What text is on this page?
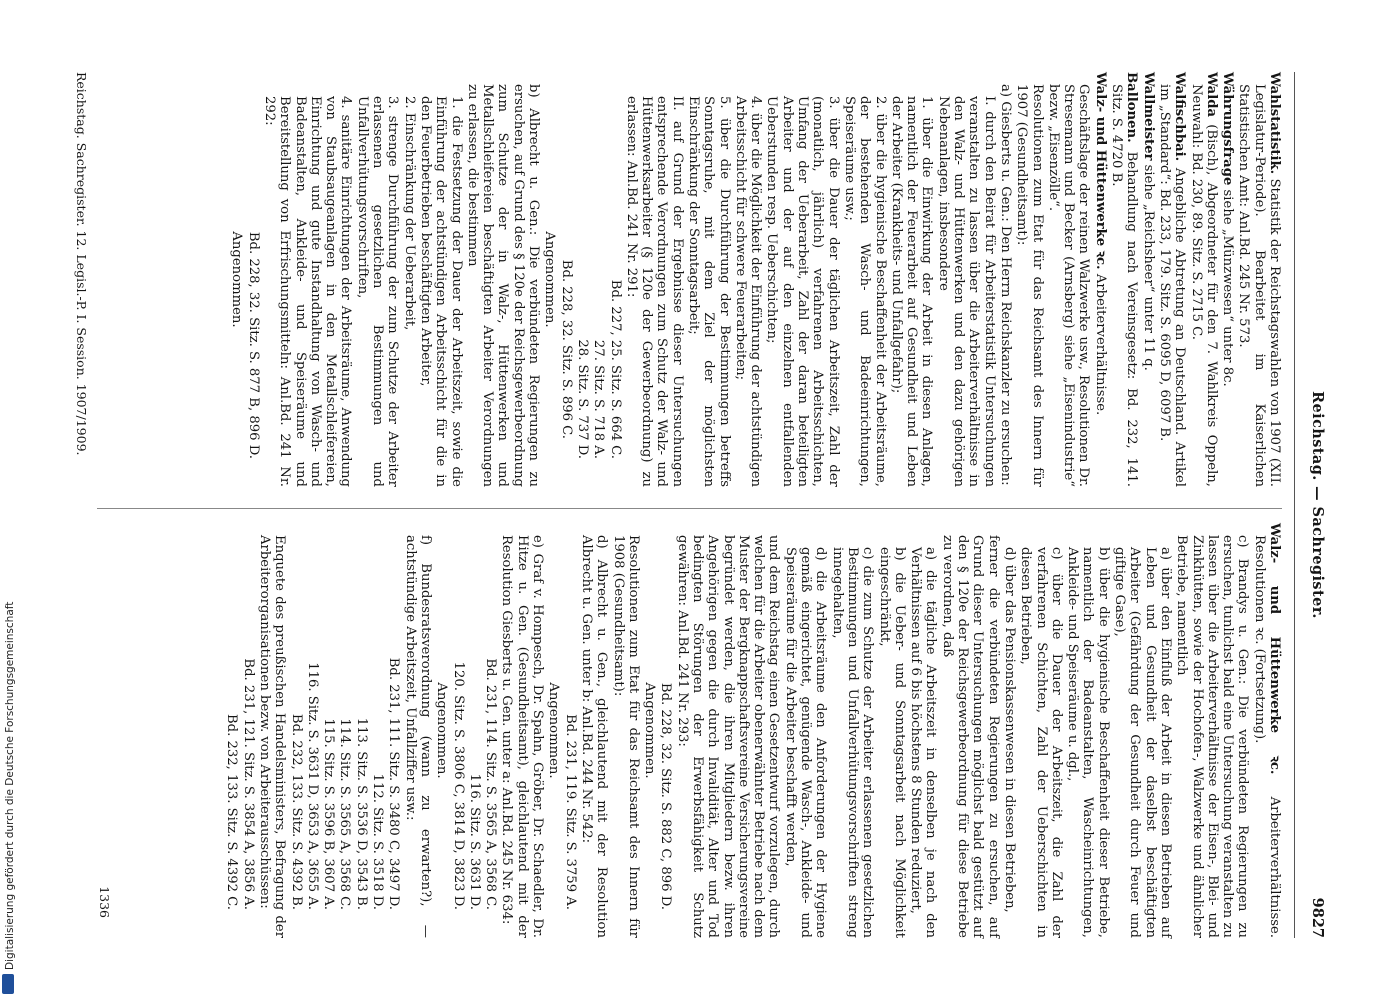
Reichstag. — Sachregister.
9827

Wahlstatistik. Statistik der Reichstagswahlen von 1907 (XII. Legislatur-Periode). Bearbeitet im Kaiserlichen Statistischen Amt: Anl.Bd. 245 Nr. 573.

Währungsfrage siehe „Münzwesen“ unter 8c.

Walda (Bisch), Abgeordneter für den 7. Wahlkreis Oppeln, Neuwahl: Bd. 230, 89. Sitz. S. 2715 C.

Walfischbai. Angebliche Abtretung an Deutschland. Artikel im „Standard“: Bd. 233, 179. Sitz. S. 6095 D, 6097 B.

Wallmeister siehe „Reichsheer“ unter 11 q.

Ballonen. Behandlung nach Vereinsgesetz: Bd. 232, 141. Sitz. S. 4720 B.

Walz- und Hüttenwerke ꝛc. Arbeiterverhältnisse.

Geschäftslage der reinen Walzwerke usw., Resolutionen Dr. Stresemann und Becker (Arnsberg) siehe „Eisenindustrie“ bezw. „Eisenzölle“.

Resolutionen zum Etat für das Reichsamt des Innern für 1907 (Gesundheitsamt):

a) Giesberts u. Gen.: Den Herrn Reichskanzler zu ersuchen:

I. durch den Beirat für Arbeiterstatistik Untersuchungen veranstalten zu lassen über die Arbeiterverhältnisse in den Walz- und Hüttenwerken und den dazu gehörigen Nebenanlagen, insbesondere

1. über die Einwirkung der Arbeit in diesen Anlagen, namentlich der Feuerarbeit auf Gesundheit und Leben der Arbeiter (Krankheits- und Unfallgefahr);

2. über die hygienische Beschaffenheit der Arbeitsräume, der bestehenden Wasch- und Badeeinrichtungen, Speiseräume usw.;

3. über die Dauer der täglichen Arbeitszeit, Zahl der (monatlich, jährlich) verfahrenen Arbeitsschichten, Umfang der Ueberarbeit, Zahl der daran beteiligten Arbeiter und der auf den einzelnen entfallenden Ueberstunden resp. Ueberschichten;

4. über die Möglichkeit der Einführung der achtstündigen Arbeitsschicht für schwere Feuerarbeiten;

5. über die Durchführung der Bestimmungen betreffs Sonntagsruhe, mit dem Ziel der möglichsten Einschränkung der Sonntagsarbeit;

II. auf Grund der Ergebnisse dieser Untersuchungen entsprechende Verordnungen zum Schutz der Walz- und Hüttenwerksarbeiter (§ 120e der Gewerbeordnung) zu erlassen: Anl.Bd. 241 Nr. 291:

Bd. 227, 25. Sitz. S. 664 C.

27. Sitz. S. 718 A.

28. Sitz. S. 737 D.

Bd. 228, 32. Sitz. S. 896 C.

Angenommen.

b) Albrecht u. Gen.: Die verbündeten Regierungen zu ersuchen, auf Grund des § 120e der Reichsgewerbeordnung zum Schutze der in Walz-, Hüttenwerken und Metallschleifereien beschäftigten Arbeiter Verordnungen zu erlassen, die bestimmen

1. die Festsetzung der Dauer der Arbeitszeit, sowie die Einführung der achtstündigen Arbeitsschicht für die in den Feuerbetrieben beschäftigten Arbeiter,

2. Einschränkung der Ueberarbeit,

3. strenge Durchführung der zum Schutze der Arbeiter erlassenen gesetzlichen Bestimmungen und Unfallverhütungsvorschriften,

4. sanitäre Einrichtungen der Arbeitsräume, Anwendung von Staubsaugeanlagen in den Metallschleifereien, Einrichtung und gute Instandhaltung von Wasch- und Badeanstalten, Ankleide- und Speiseräume und Bereitstellung von Erfrischungsmitteln: Anl.Bd. 241 Nr. 292:

Bd. 228, 32. Sitz. S. 877 B, 896 D.

Angenommen.

Walz- und Hüttenwerke ꝛc. Arbeiterverhältnisse. Resolutionen ꝛc. (Fortsetzung).

c) Brandys u. Gen.: Die verbündeten Regierungen zu ersuchen, tunlichst bald eine Untersuchung veranstalten zu lassen über die Arbeiterverhältnisse der Eisen-, Blei- und Zinkhütten, sowie der Hochofen-, Walzwerke und ähnlicher Betriebe, namentlich

a) über den Einfluß der Arbeit in diesen Betrieben auf Leben und Gesundheit der daselbst beschäftigten Arbeiter (Gefährdung der Gesundheit durch Feuer und giftige Gase),

b) über die hygienische Beschaffenheit dieser Betriebe, namentlich der Badeanstalten, Wascheinrichtungen, Ankleide- und Speiseräume u. dgl.,

c) über die Dauer der Arbeitszeit, die Zahl der verfahrenen Schichten, Zahl der Ueberschichten in diesen Betrieben,

d) über das Pensionskassenwesen in diesen Betrieben,

ferner die verbündeten Regierungen zu ersuchen, auf Grund dieser Untersuchungen möglichst bald gestützt auf den § 120e der Reichsgewerbeordnung für diese Betriebe zu verordnen, daß

a) die tägliche Arbeitszeit in denselben je nach den Verhältnissen auf 6 bis höchstens 8 Stunden reduziert,

b) die Ueber- und Sonntagsarbeit nach Möglichkeit eingeschränkt,

c) die zum Schutze der Arbeiter erlassenen gesetzlichen Bestimmungen und Unfallverhütungsvorschriften streng innegehalten,

d) die Arbeitsräume den Anforderungen der Hygiene gemäß eingerichtet, genügende Wasch-, Ankleide- und Speiseräume für die Arbeiter beschafft werden,

und dem Reichstag einen Gesetzentwurf vorzulegen, durch welchen für die Arbeiter obenerwähnter Betriebe nach dem Muster der Bergknappschaftsvereine Versicherungsvereine begründet werden, die ihren Mitgliedern bezw. ihren Angehörigen gegen die durch Invalidität, Alter und Tod bedingten Störungen der Erwerbsfähigkeit Schutz gewähren: Anl.Bd. 241 Nr. 293:

Bd. 228, 32. Sitz. S. 882 C, 896 D.

Angenommen.

Resolutionen zum Etat für das Reichsamt des Innern für 1908 (Gesundheitsamt):

d) Albrecht u. Gen., gleichlautend mit der Resolution Albrecht u. Gen. unter b: Anl.Bd. 244 Nr. 542:

Bd. 231, 119. Sitz. S. 3759 A.

Angenommen.

e) Graf v. Hompesch, Dr. Spahn, Gröber, Dr. Schaedler, Dr. Hitze u. Gen. (Gesundheitsamt), gleichlautend mit der Resolution Giesberts u. Gen. unter a: Anl.Bd. 245 Nr. 634:

Bd. 231, 114. Sitz. S. 3565 A, 3568 C.

116. Sitz. S. 3631 D.

120. Sitz. S. 3806 C, 3814 D, 3823 D.

Angenommen.

f) Bundesratsverordnung (wann zu erwarten?), — achtstündige Arbeitszeit, Unfallziffer usw.:

Bd. 231, 111. Sitz. S. 3480 C, 3497 D.

112. Sitz. S. 3518 D.

113. Sitz. S. 3536 D, 3543 B.

114. Sitz. S. 3565 A, 3568 C.

115. Sitz. S. 3596 B, 3607 A.

116. Sitz. S. 3631 D, 3653 A, 3655 A.

Bd. 232, 133. Sitz. S. 4392 B.

Enquete des preußischen Handelsministers, Befragung der Arbeiterorganisationen bezw. von Arbeiterausschüssen:

Bd. 231, 121. Sitz. S. 3854 A, 3856 A.

Bd. 232, 133. Sitz. S. 4392 C.

1336
Reichstag. Sachregister. 12. Legisl.-P. I. Session. 1907/1909.
Digitalisierung gefördert durch die Deutsche Forschungsgemeinschaft
